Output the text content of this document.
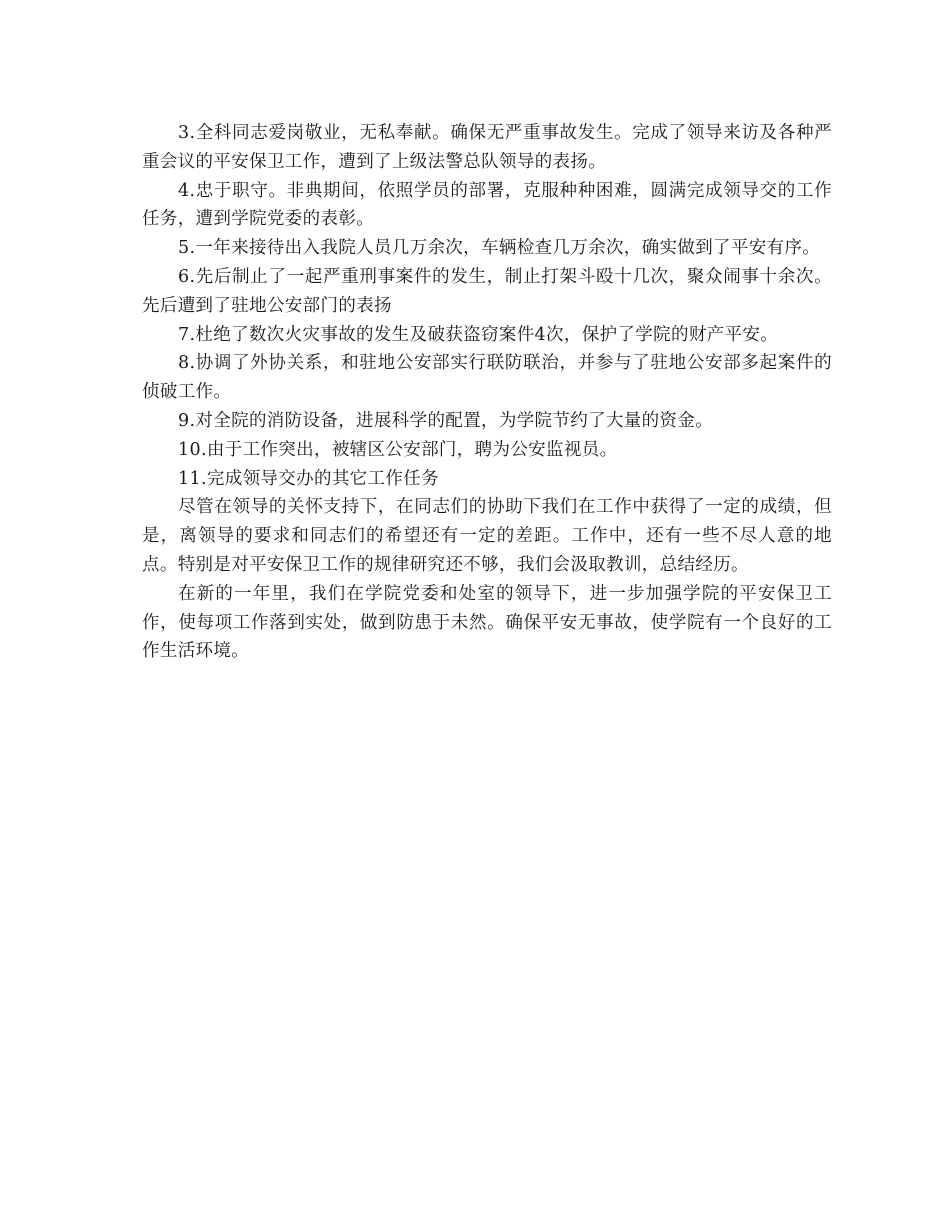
3.全科同志爱岗敬业，无私奉献。确保无严重事故发生。完成了领导来访及各种严重会议的平安保卫工作，遭到了上级法警总队领导的表扬。

4.忠于职守。非典期间，依照学员的部署，克服种种困难，圆满完成领导交的工作任务，遭到学院党委的表彰。

5.一年来接待出入我院人员几万余次，车辆检查几万余次，确实做到了平安有序。

6.先后制止了一起严重刑事案件的发生，制止打架斗殴十几次，聚众闹事十余次。先后遭到了驻地公安部门的表扬

7.杜绝了数次火灾事故的发生及破获盗窃案件4次，保护了学院的财产平安。

8.协调了外协关系，和驻地公安部实行联防联治，并参与了驻地公安部多起案件的侦破工作。

9.对全院的消防设备，进展科学的配置，为学院节约了大量的资金。

10.由于工作突出，被辖区公安部门，聘为公安监视员。

11.完成领导交办的其它工作任务

尽管在领导的关怀支持下，在同志们的协助下我们在工作中获得了一定的成绩，但是，离领导的要求和同志们的希望还有一定的差距。工作中，还有一些不尽人意的地点。特别是对平安保卫工作的规律研究还不够，我们会汲取教训，总结经历。

在新的一年里，我们在学院党委和处室的领导下，进一步加强学院的平安保卫工作，使每项工作落到实处，做到防患于未然。确保平安无事故，使学院有一个良好的工作生活环境。
